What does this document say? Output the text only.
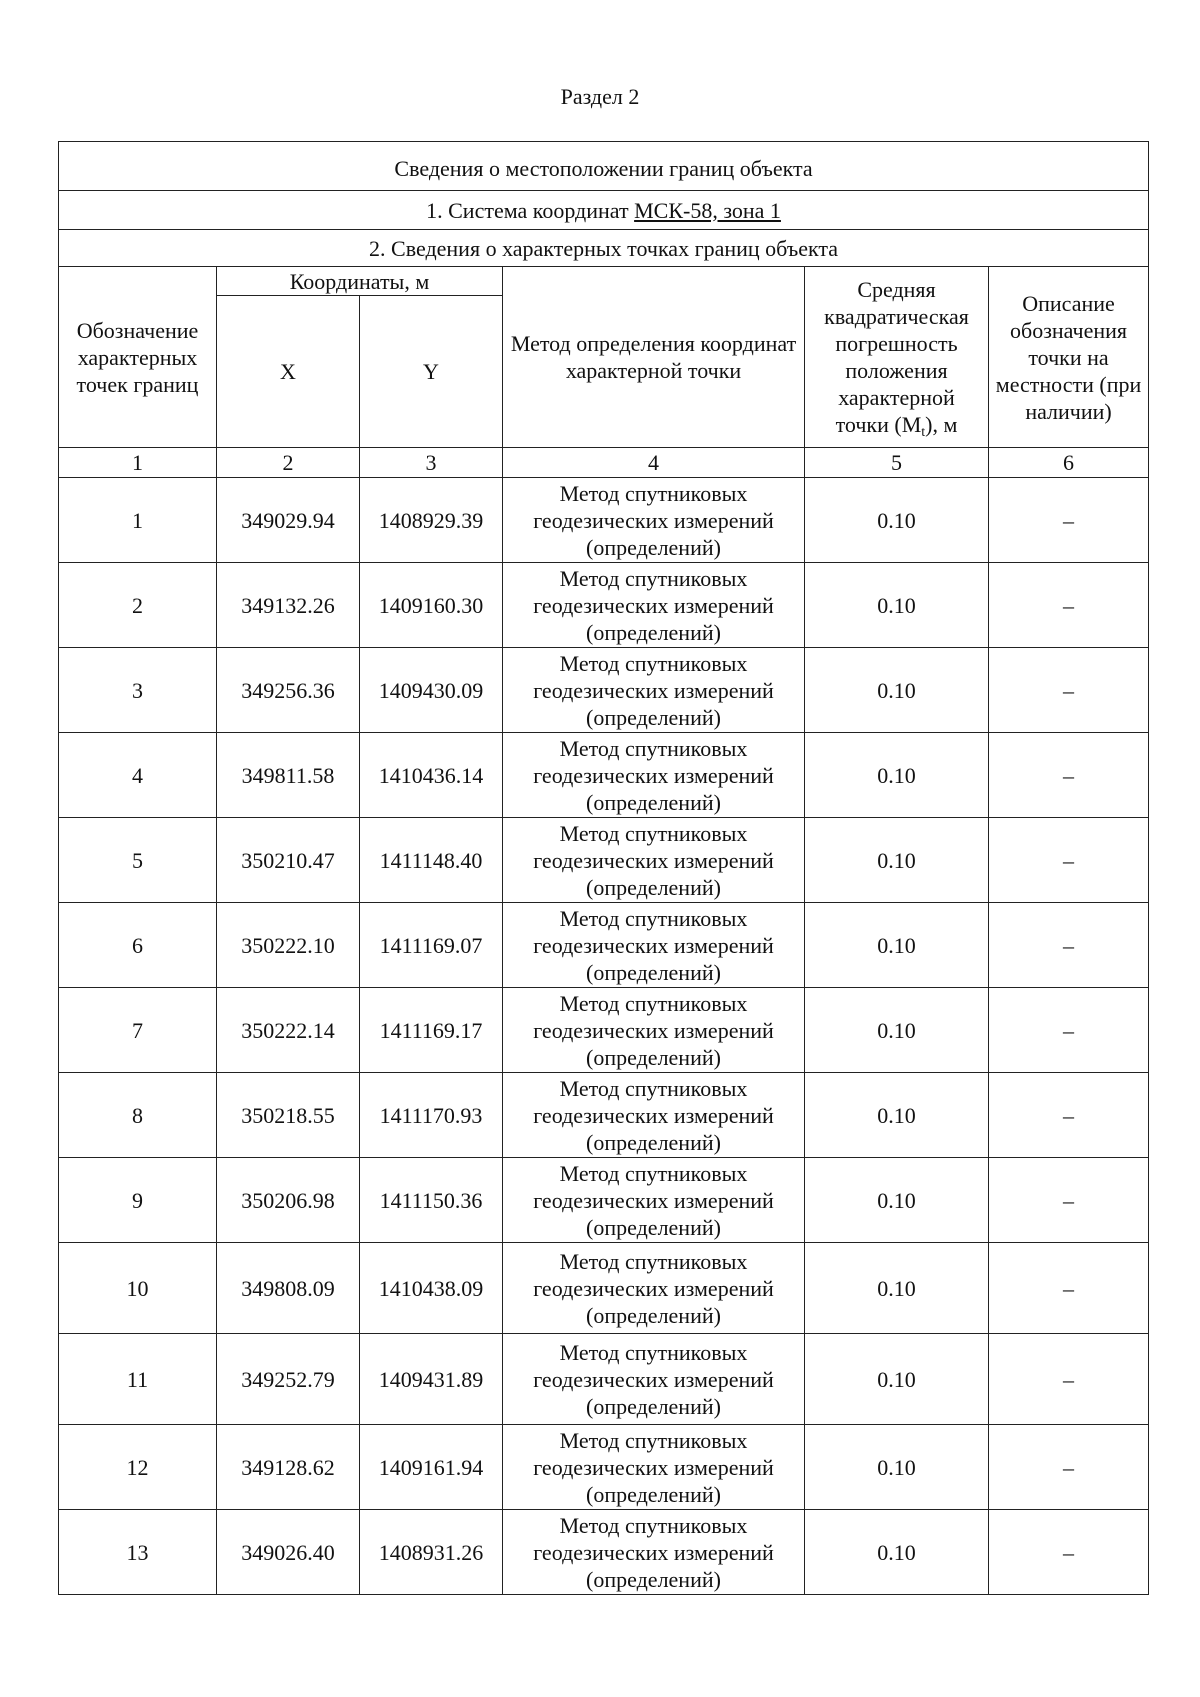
Раздел 2
Сведения о местоположении границ объекта					
1. Система координат МСК-58, зона 1					
2. Сведения о характерных точках границ объекта					
Обозначение характерных точек границ	Координаты, м		Метод определения координат характерной точки	Средняя квадратическая погрешность положения характерной точки $(M_t)$, м	Описание обозначения точки на местности (при наличии)
	X	Y			
1	2	3	4	5	6
1	349029.94	1408929.39	Метод спутниковых геодезических измерений (определений)	0.10	–
2	349132.26	1409160.30	Метод спутниковых геодезических измерений (определений)	0.10	–
3	349256.36	1409430.09	Метод спутниковых геодезических измерений (определений)	0.10	–
4	349811.58	1410436.14	Метод спутниковых геодезических измерений (определений)	0.10	–
5	350210.47	1411148.40	Метод спутниковых геодезических измерений (определений)	0.10	–
6	350222.10	1411169.07	Метод спутниковых геодезических измерений (определений)	0.10	–
7	350222.14	1411169.17	Метод спутниковых геодезических измерений (определений)	0.10	–
8	350218.55	1411170.93	Метод спутниковых геодезических измерений (определений)	0.10	–
9	350206.98	1411150.36	Метод спутниковых геодезических измерений (определений)	0.10	–
10	349808.09	1410438.09	Метод спутниковых геодезических измерений (определений)	0.10	–
11	349252.79	1409431.89	Метод спутниковых геодезических измерений (определений)	0.10	–
12	349128.62	1409161.94	Метод спутниковых геодезических измерений (определений)	0.10	–
13	349026.40	1408931.26	Метод спутниковых геодезических измерений (определений)	0.10	–
